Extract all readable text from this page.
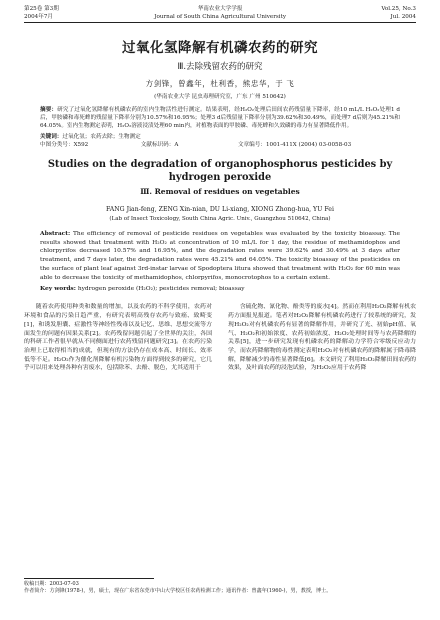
第25卷 第3期
2004年7月
华南农业大学学报
Journal of South China Agricultural University
Vol.25, No.3
Jul. 2004
过氧化氢降解有机磷农药的研究
Ⅲ.去除残留农药的研究
方剑锋，曾鑫年，杜利香，熊忠华，于 飞
(华南农业大学 昆虫毒理研究室，广东 广州 510642)
摘要：研究了过氧化氢降解有机磷农药的室内生物活性进行测定。结果表明，经H₂O₂处理后田间农药残留量下降率，经10 mL/L H₂O₂处理1 d后，甲胺磷和毒死蜱的残留量下降率分别为10.57%和16.95%；处理3 d后残留量下降率分别为39.62%和30.49%，而处理7 d后则为45.21%和64.05%。室内生物测定表明，H₂O₂溶液浸渍处理60 min内，对植物表面的甲胺磷、毒死蜱和久效磷的毒力有显著降低作用。
关键词：过氧化氢；农药去除；生物测定
中图分类号：X592	文献标识码：A	文章编号：1001-411X (2004) 03-0058-03
Studies on the degradation of organophosphorus pesticides by hydrogen peroxide
Ⅲ. Removal of residues on vegetables
FANG Jian-feng, ZENG Xin-nian, DU Li-xiang, XIONG Zhong-hua, YU Fei
(Lab of Insect Toxicology, South China Agric. Univ., Guangzhou 510642, China)
Abstract: The efficiency of removal of pesticide residues on vegetables was evaluated by the toxicity bioassay. The results showed that treatment with H₂O₂ at concentration of 10 mL/L for 1 day, the residue of methamidophos and chlorpyrifos decreased 10.57% and 16.95%, and the degradation rates were 39.62% and 30.49% at 3 days after treatment, and 7 days later, the degradation rates were 45.21% and 64.05%. The toxicity bioassay of the pesticides on the surface of plant leaf against 3rd-instar larvae of Spodoptera litura showed that treatment with H₂O₂ for 60 min was able to decrease the toxicity of methamidophos, chlorpyrifos, monocrotophos to a certain extent.
Key words: hydrogen peroxide (H₂O₂); pesticides removal; bioassay
随着农药使用种类和数量的增加，以及农药的不科学使用，农药对环境和食品的污染日趋严重，有研究表明高残存农药与致癌、致畸变[1]，和诱发胆囊、症激性等神经性残毒以及记忆、思维、思想交流等方面发生的问题有因果关系[2]。农药残留问题引起了全世界的关注，各国的科研工作者很早就从不同侧面进行农药残留问题研究[3]。在农药污染治理上已取得相当的成就，但现有的方法仍存在成本高、时间长、效率低等不足。H₂O₂作为催化剂降解有机污染物方面得到较多的研究，它几乎可以用来处理各种有害废水，包括除苯、去酚、脱色，尤其适用于
含硫化物、氰化物、酚类等的废水[4]。然而在利用H₂O₂降解有机农药方面报见报道。笔者对H₂O₂降解有机磷农药进行了较系统的研究，发现H₂O₂对有机磷农药有显著的降解作用，并研究了光、初始pH值、氧气、H₂O₂和初始浓度、农药初始浓度、H₂O₂处理时间等与农药降解的关系[5]，进一步研究发现有机磷农药的降解动力学符合零级反应动力学，而农药降解物的毒性测定表明H₂O₂对有机磷农药的降解属于降毒降解，降解减少的毒性显著降低[6]。本文研究了利用H₂O₂降解田间农药的效果，及叶面农药的浸泡试验，为H₂O₂应用于农药降
收稿日期：2003-07-03
作者简介：方剑锋(1978-)，男，硕士，现在广东省东莞市中山大学校区任农药检测工作；通讯作者：曾鑫年(1960-)，男，教授，博士。
